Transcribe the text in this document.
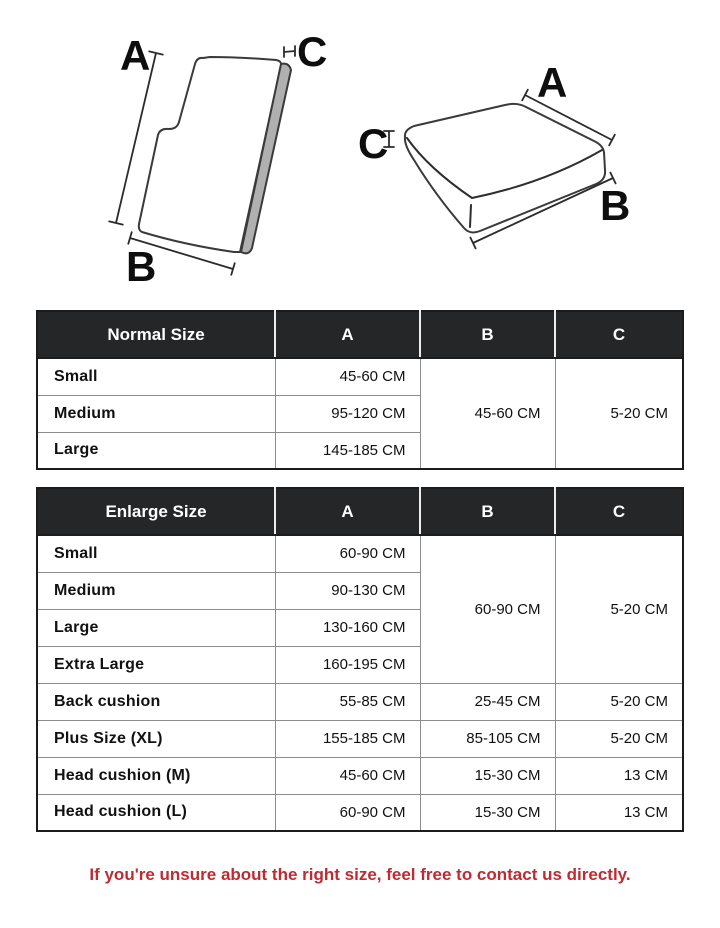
A
B
C
A
B
C
Normal Size	A	B	C
Small	45-60 CM	45-60 CM	5-20 CM
Medium	95-120 CM		
Large	145-185 CM		
Enlarge Size	A	B	C
Small	60-90 CM	60-90 CM	5-20 CM
Medium	90-130 CM		
Large	130-160 CM		
Extra Large	160-195 CM		
Back cushion	55-85 CM	25-45 CM	5-20 CM
Plus Size (XL)	155-185 CM	85-105 CM	5-20 CM
Head cushion (M)	45-60 CM	15-30 CM	13 CM
Head cushion (L)	60-90 CM	15-30 CM	13 CM
If you're unsure about the right size, feel free to contact us directly.
